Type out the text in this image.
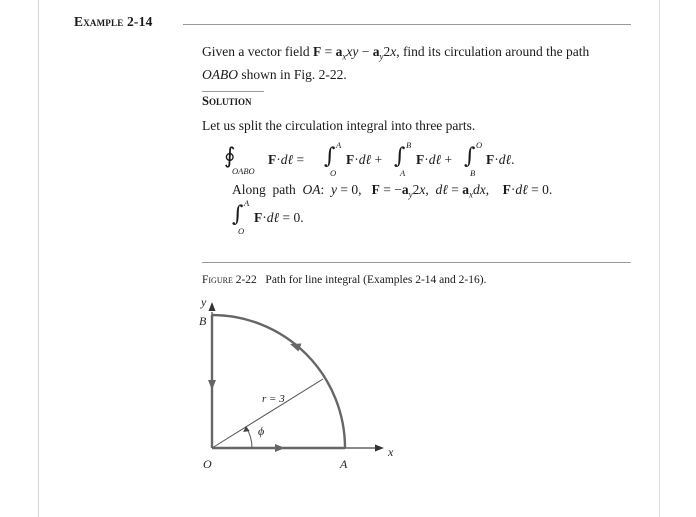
Example 2-14
Given a vector field $F = a_xxy - a_y2x$, find its circulation around the path
OABO shown in Fig. 2-22.
Solution
Let us split the circulation integral into three parts.
∮
OABO
F·dℓ = ∫ A
O
F·dℓ + ∫ B
A
F·dℓ + ∫ O
B
F·dℓ.
Along  path  OA:  y = 0,   $F = -a_y2x$,  dℓ = $a_xdx$,    F·dℓ = 0.
∫ A
O
F·dℓ = 0.
Figure 2-22 Path for line integral (Examples 2-14 and 2-16).
y
B
O	A
x
r = 3
ϕ
